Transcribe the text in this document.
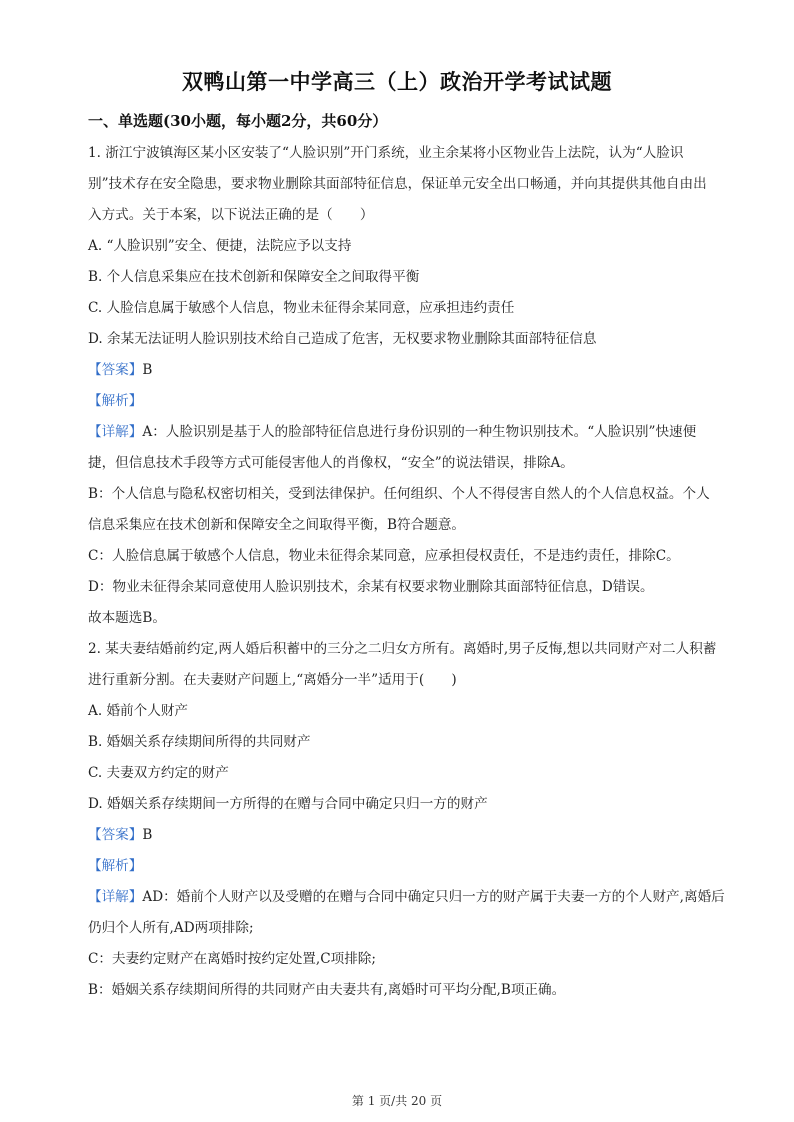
双鸭山第一中学高三（上）政治开学考试试题
一、单选题(30小题，每小题2分，共60分）
1. 浙江宁波镇海区某小区安装了“人脸识别”开门系统，业主余某将小区物业告上法院，认为“人脸识
别”技术存在安全隐患，要求物业删除其面部特征信息，保证单元安全出口畅通，并向其提供其他自由出
入方式。关于本案，以下说法正确的是（　　）
A. “人脸识别”安全、便捷，法院应予以支持
B. 个人信息采集应在技术创新和保障安全之间取得平衡
C. 人脸信息属于敏感个人信息，物业未征得余某同意，应承担违约责任
D. 余某无法证明人脸识别技术给自己造成了危害，无权要求物业删除其面部特征信息
【答案】B
【解析】
【详解】A：人脸识别是基于人的脸部特征信息进行身份识别的一种生物识别技术。“人脸识别”快速便
捷，但信息技术手段等方式可能侵害他人的肖像权，“安全”的说法错误，排除A。
B：个人信息与隐私权密切相关，受到法律保护。任何组织、个人不得侵害自然人的个人信息权益。个人
信息采集应在技术创新和保障安全之间取得平衡，B符合题意。
C：人脸信息属于敏感个人信息，物业未征得余某同意，应承担侵权责任，不是违约责任，排除C。
D：物业未征得余某同意使用人脸识别技术，余某有权要求物业删除其面部特征信息，D错误。
故本题选B。
2. 某夫妻结婚前约定,两人婚后积蓄中的三分之二归女方所有。离婚时,男子反悔,想以共同财产对二人积蓄
进行重新分割。在夫妻财产问题上,“离婚分一半”适用于(　　)
A. 婚前个人财产
B. 婚姻关系存续期间所得的共同财产
C. 夫妻双方约定的财产
D. 婚姻关系存续期间一方所得的在赠与合同中确定只归一方的财产
【答案】B
【解析】
【详解】AD：婚前个人财产以及受赠的在赠与合同中确定只归一方的财产属于夫妻一方的个人财产,离婚后
仍归个人所有,AD两项排除;
C：夫妻约定财产在离婚时按约定处置,C项排除;
B：婚姻关系存续期间所得的共同财产由夫妻共有,离婚时可平均分配,B项正确。
第 1 页/共 20 页
